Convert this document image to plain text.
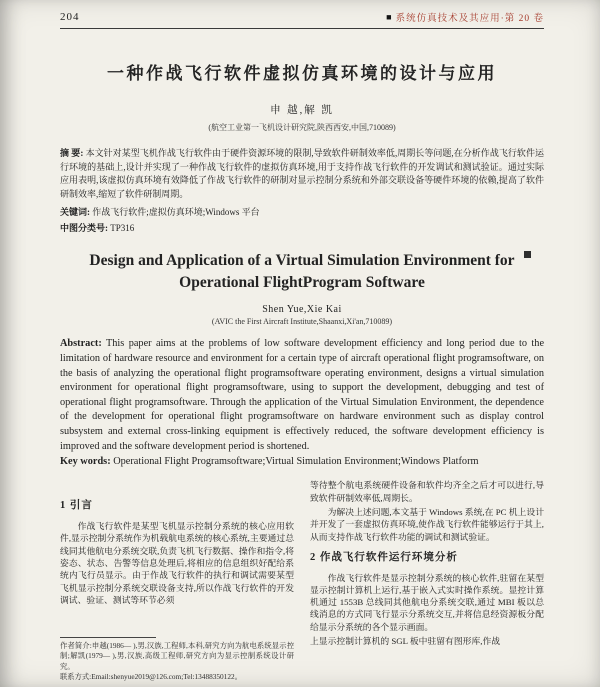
204	■ 系统仿真技术及其应用·第 20 卷
一种作战飞行软件虚拟仿真环境的设计与应用
申 越,解 凯
(航空工业第一飞机设计研究院,陕西西安,中国,710089)
摘 要: 本文针对某型飞机作战飞行软件由于硬件资源环境的限制,导致软件研制效率低,周期长等问题,在分析作战飞行软件运行环境的基础上,设计并实现了一种作战飞行软件的虚拟仿真环境,用于支持作战飞行软件的开发调试和测试验证。通过实际应用表明,该虚拟仿真环境有效降低了作战飞行软件的研制对显示控制分系统和外部交联设备等硬件环境的依赖,提高了软件研制效率,缩短了软件研制周期。
关键词: 作战飞行软件;虚拟仿真环境;Windows 平台
中图分类号: TP316
Design and Application of a Virtual Simulation Environment for
Operational FlightProgram Software
Shen Yue,Xie Kai
(AVIC the First Aircraft Institute,Shaanxi,Xi'an,710089)
Abstract: This paper aims at the problems of low software development efficiency and long period due to the limitation of hardware resource and environment for a certain type of aircraft operational flight programsoftware, on the basis of analyzing the operational flight programsoftware operating environment, designs a virtual simulation environment for operational flight programsoftware, using to support the development, debugging and test of operational flight programsoftware. Through the application of the Virtual Simulation Environment, the dependence of the development for operational flight programsoftware on hardware environment such as display control subsystem and external cross-linking equipment is effectively reduced, the software development efficiency is improved and the software development period is shortened.
Key words: Operational Flight Programsoftware;Virtual Simulation Environment;Windows Platform
1 引言

作战飞行软件是某型飞机显示控制分系统的核心应用软件,显示控制分系统作为机载航电系统的核心系统,主要通过总线同其他航电分系统交联,负责飞机飞行数据、操作和指令,将姿态、状态、告警等信息处理后,将相应的信息组织好配给系统内飞行员显示。由于作战飞行软件的执行和调试需要某型飞机显示控制分系统交联设备支持,所以作战飞行软件的开发调试、验证、测试等环节必须

作者简介:申越(1986— ),男,汉族,工程师,本科,研究方向为航电系统显示控制;解凯(1979— ),男,汉族,高级工程师,研究方向为显示控制系统设计研究。

联系方式:Email:shenyue2019@126.com;Tel:13488350122。

等待整个航电系统硬件设备和软件均齐全之后才可以进行,导致软件研制效率低,周期长。

为解决上述问题,本文基于 Windows 系统,在 PC 机上设计并开发了一套虚拟仿真环境,使作战飞行软件能够运行于其上,从而支持作战飞行软件功能的调试和测试验证。

2 作战飞行软件运行环境分析

作战飞行软件是显示控制分系统的核心软件,驻留在某型显示控制计算机上运行,基于嵌入式实时操作系统。显控计算机通过 1553B 总线同其他航电分系统交联,通过 MBI 板以总线消息的方式同飞行显示分系统交互,并将信息经资源板分配给显示分系统的各个显示画面。

上显示控制计算机的 SGL 板中驻留有图形库,作战
